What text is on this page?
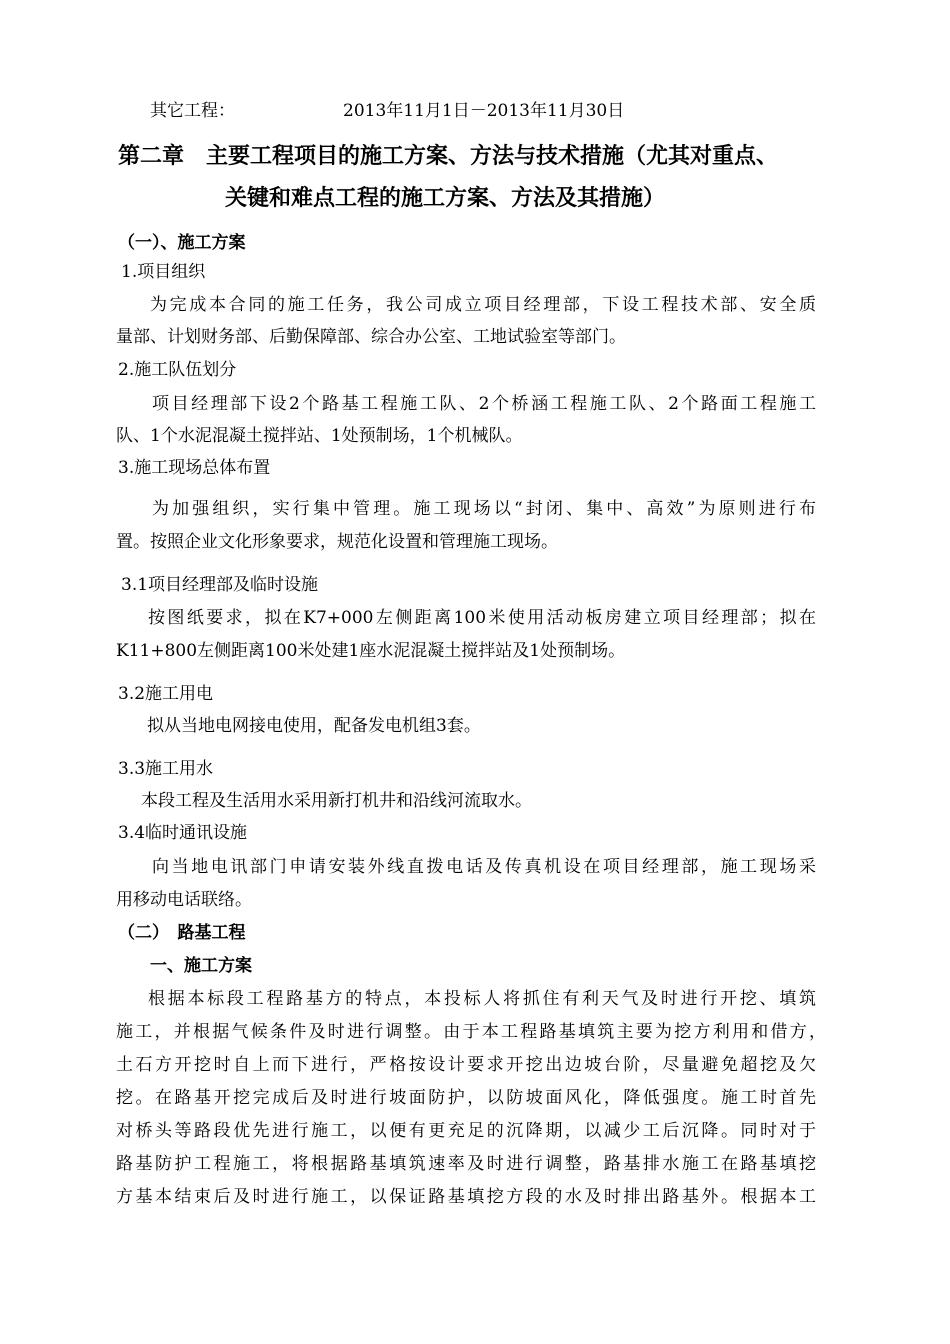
其它工程：	2013年11月1日－2013年11月30日

第二章　主要工程项目的施工方案、方法与技术措施（尤其对重点、

关键和难点工程的施工方案、方法及其措施）

（一）、施工方案

1.项目组织

为完成本合同的施工任务，我公司成立项目经理部，下设工程技术部、安全质

量部、计划财务部、后勤保障部、综合办公室、工地试验室等部门。

2.施工队伍划分

项目经理部下设2个路基工程施工队、2个桥涵工程施工队、2个路面工程施工

队、1个水泥混凝土搅拌站、1处预制场，1个机械队。

3.施工现场总体布置

为加强组织，实行集中管理。施工现场以“封闭、集中、高效”为原则进行布

置。按照企业文化形象要求，规范化设置和管理施工现场。

3.1项目经理部及临时设施

按图纸要求，拟在K7+000左侧距离100米使用活动板房建立项目经理部；拟在

K11+800左侧距离100米处建1座水泥混凝土搅拌站及1处预制场。

3.2施工用电

拟从当地电网接电使用，配备发电机组3套。

3.3施工用水

本段工程及生活用水采用新打机井和沿线河流取水。

3.4临时通讯设施

向当地电讯部门申请安装外线直拨电话及传真机设在项目经理部，施工现场采

用移动电话联络。

（二）　路基工程

一、施工方案

根据本标段工程路基方的特点，本投标人将抓住有利天气及时进行开挖、填筑

施工，并根据气候条件及时进行调整。由于本工程路基填筑主要为挖方利用和借方，

土石方开挖时自上而下进行，严格按设计要求开挖出边坡台阶，尽量避免超挖及欠

挖。在路基开挖完成后及时进行坡面防护，以防坡面风化，降低强度。施工时首先

对桥头等路段优先进行施工，以便有更充足的沉降期，以减少工后沉降。同时对于

路基防护工程施工，将根据路基填筑速率及时进行调整，路基排水施工在路基填挖

方基本结束后及时进行施工，以保证路基填挖方段的水及时排出路基外。根据本工
